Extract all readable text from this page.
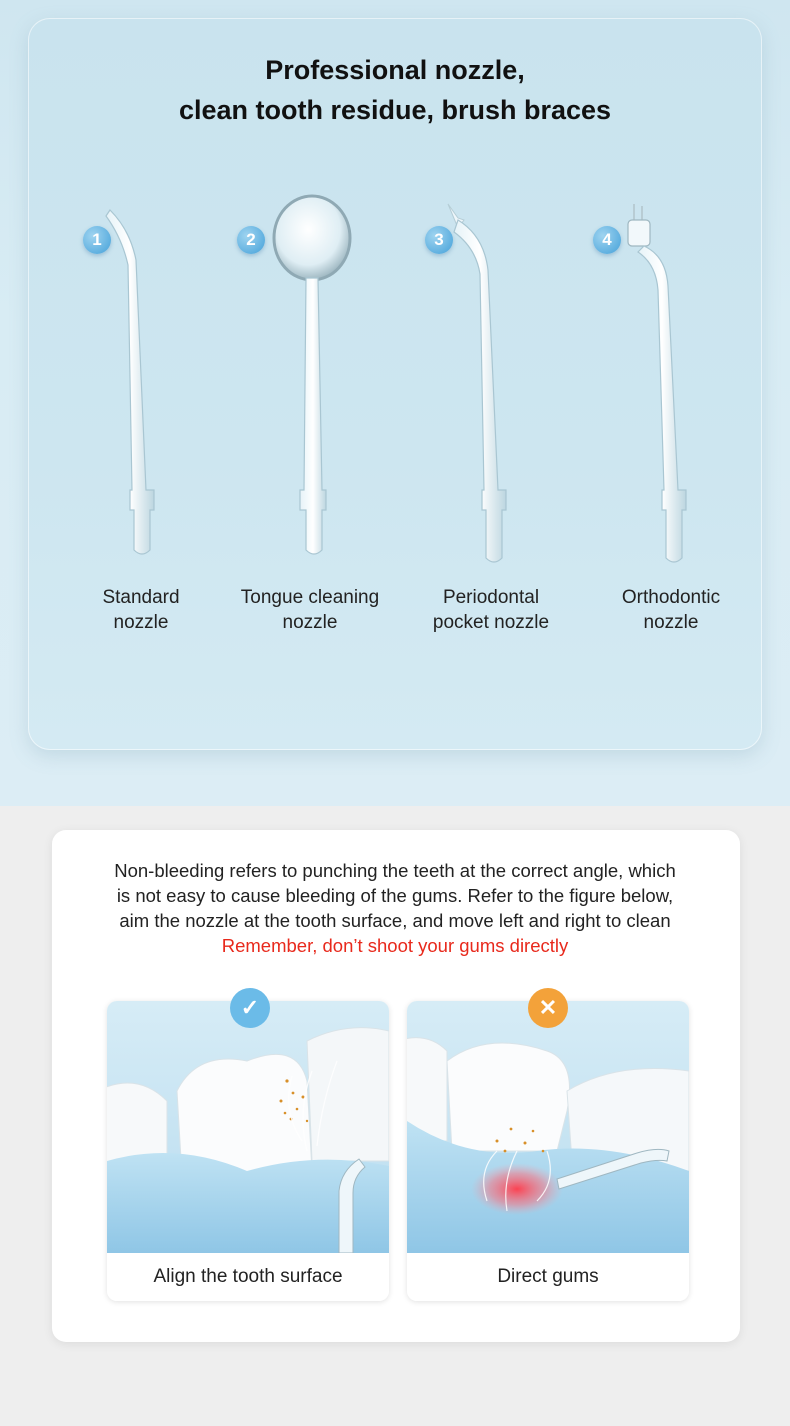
Professional nozzle,
clean tooth residue, brush braces
1	2	3	4
Standard
nozzle
Tongue cleaning
nozzle
Periodontal
pocket nozzle
Orthodontic
nozzle
Non-bleeding refers to punching the teeth at the correct angle, which
is not easy to cause bleeding of the gums. Refer to the figure below,
aim the nozzle at the tooth surface, and move left and right to clean
Remember, don’t shoot your gums directly
Align the tooth surface
✓
Direct gums
✕
